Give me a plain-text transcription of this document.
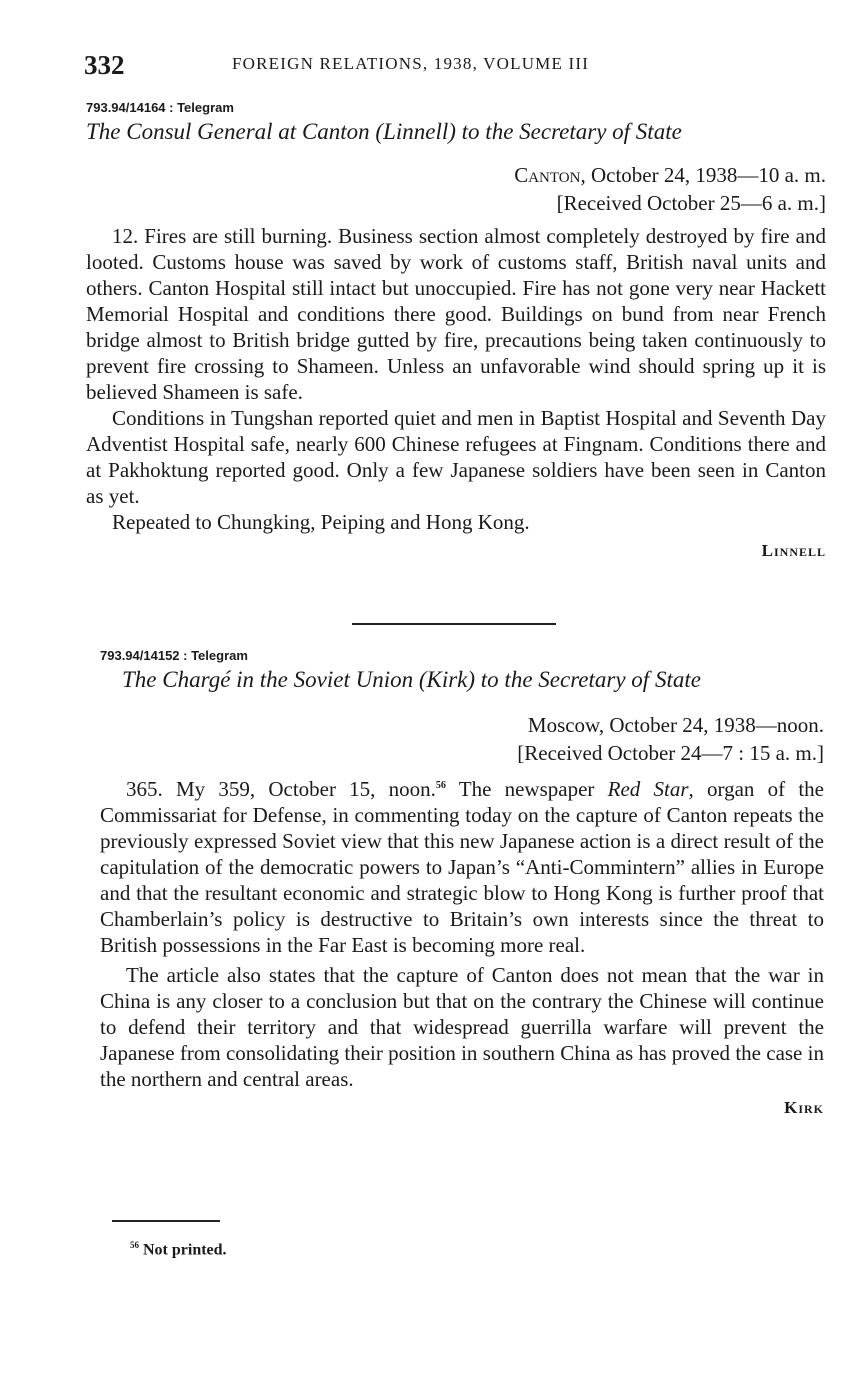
332	FOREIGN RELATIONS, 1938, VOLUME III
793.94/14164 : Telegram
The Consul General at Canton (Linnell) to the Secretary of State
Canton, October 24, 1938—10 a. m.
[Received October 25—6 a. m.]

12. Fires are still burning. Business section almost completely destroyed by fire and looted. Customs house was saved by work of customs staff, British naval units and others. Canton Hospital still intact but unoccupied. Fire has not gone very near Hackett Memorial Hospital and conditions there good. Buildings on bund from near French bridge almost to British bridge gutted by fire, precautions being taken continuously to prevent fire crossing to Shameen. Unless an unfavorable wind should spring up it is believed Shameen is safe.

Conditions in Tungshan reported quiet and men in Baptist Hospital and Seventh Day Adventist Hospital safe, nearly 600 Chinese refugees at Fingnam. Conditions there and at Pakhoktung reported good. Only a few Japanese soldiers have been seen in Canton as yet.

Repeated to Chungking, Peiping and Hong Kong.

Linnell
793.94/14152 : Telegram
The Chargé in the Soviet Union (Kirk) to the Secretary of State
Moscow, October 24, 1938—noon.
[Received October 24—7 : 15 a. m.]

365. My 359, October 15, noon.$^{56}$ The newspaper Red Star, organ of the Commissariat for Defense, in commenting today on the capture of Canton repeats the previously expressed Soviet view that this new Japanese action is a direct result of the capitulation of the democratic powers to Japan’s “Anti-Commintern” allies in Europe and that the resultant economic and strategic blow to Hong Kong is further proof that Chamberlain’s policy is destructive to Britain’s own interests since the threat to British possessions in the Far East is becoming more real.

The article also states that the capture of Canton does not mean that the war in China is any closer to a conclusion but that on the contrary the Chinese will continue to defend their territory and that widespread guerrilla warfare will prevent the Japanese from consolidating their position in southern China as has proved the case in the northern and central areas.

Kirk
$^{56}$ Not printed.
